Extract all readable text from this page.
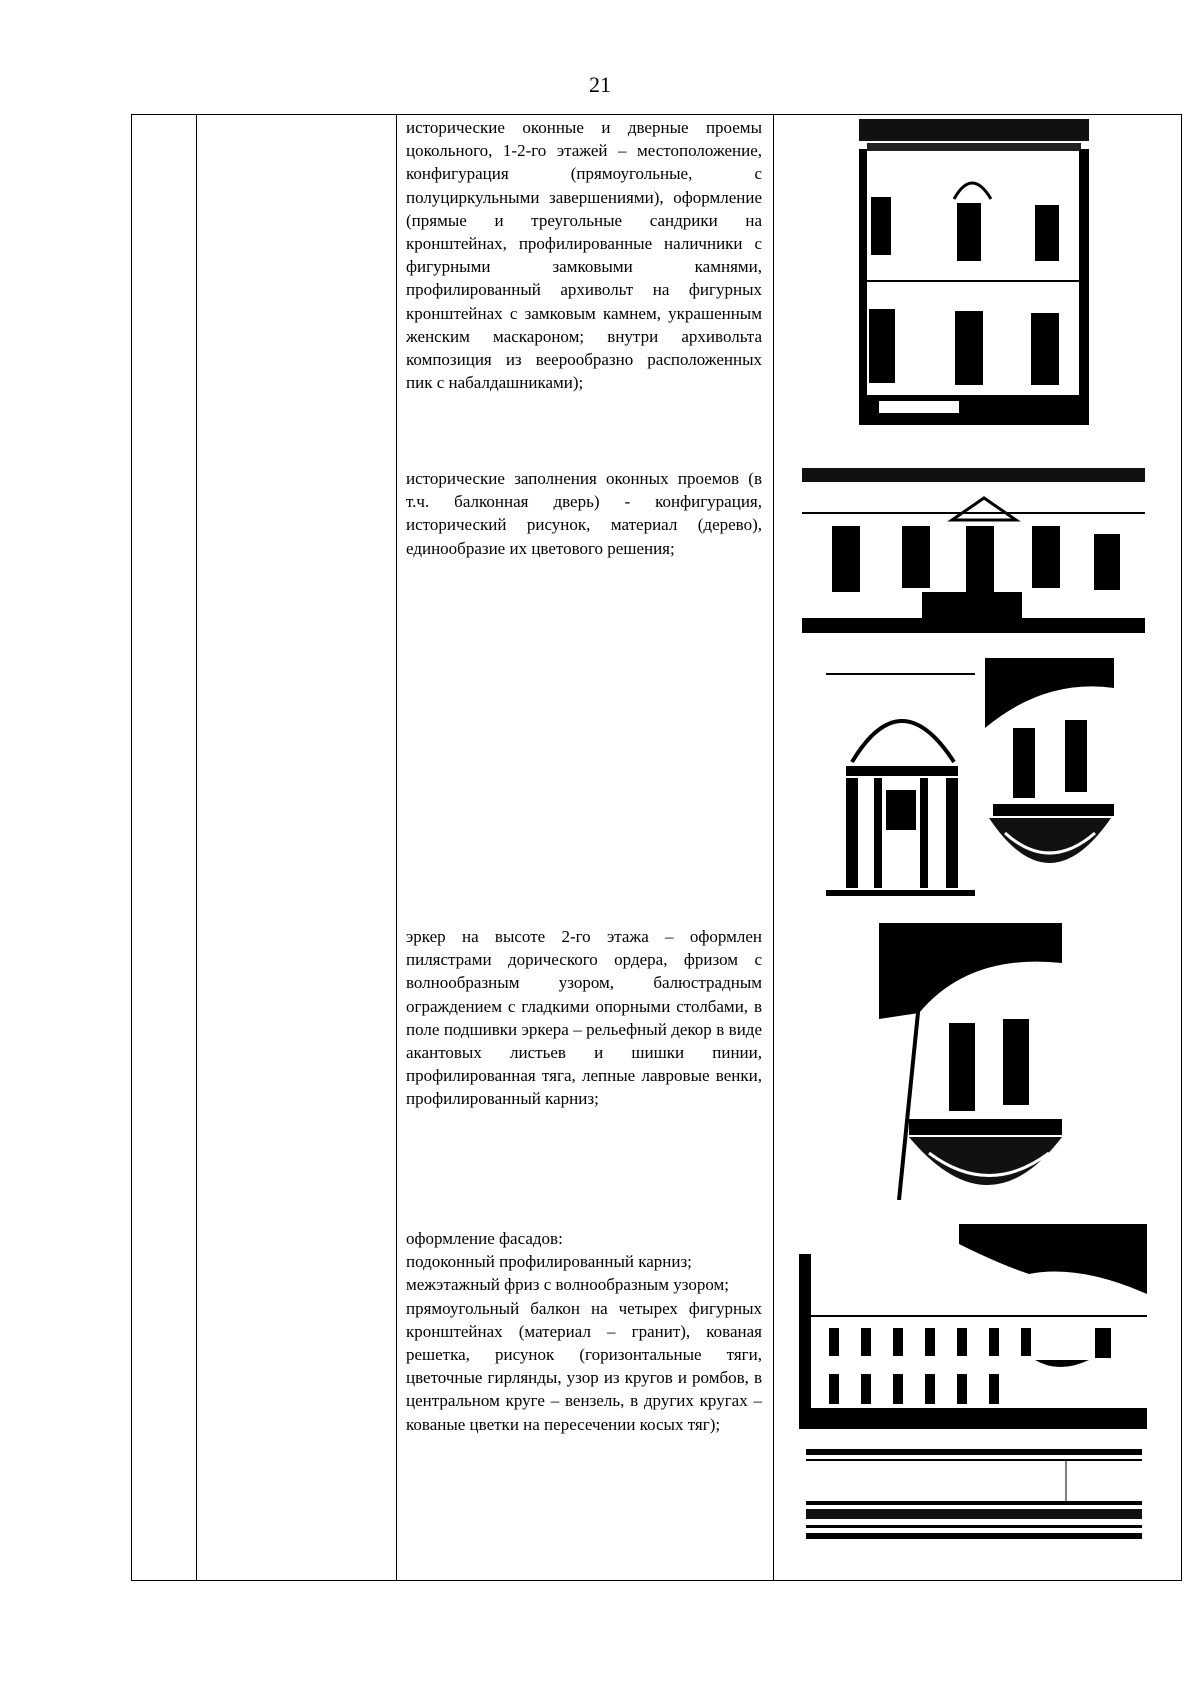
21

исторические оконные и дверные проемы цокольного, 1-2-го этажей – местоположение, конфигурация (прямоугольные, с полуциркульными завершениями), оформление (прямые и треугольные сандрики на кронштейнах, профилированные наличники с фигурными замковыми камнями, профилированный архивольт на фигурных кронштейнах с замковым камнем, украшенным женским маскароном; внутри архивольта композиция из веерообразно расположенных пик с набалдашниками);

исторические заполнения оконных проемов (в т.ч. балконная дверь) - конфигурация, исторический рисунок, материал (дерево), единообразие их цветового решения;

эркер на высоте 2-го этажа – оформлен пилястрами дорического ордера, фризом с волнообразным узором, балюстрадным ограждением с гладкими опорными столбами, в поле подшивки эркера – рельефный декор в виде акантовых листьев и шишки пинии, профилированная тяга, лепные лавровые венки, профилированный карниз;

оформление фасадов:

подоконный профилированный карниз;

межэтажный фриз с волнообразным узором;

прямоугольный балкон на четырех фигурных кронштейнах (материал – гранит), кованая решетка, рисунок (горизонтальные тяги, цветочные гирлянды, узор из кругов и ромбов, в центральном круге – вензель, в других кругах – кованые цветки на пересечении косых тяг);
